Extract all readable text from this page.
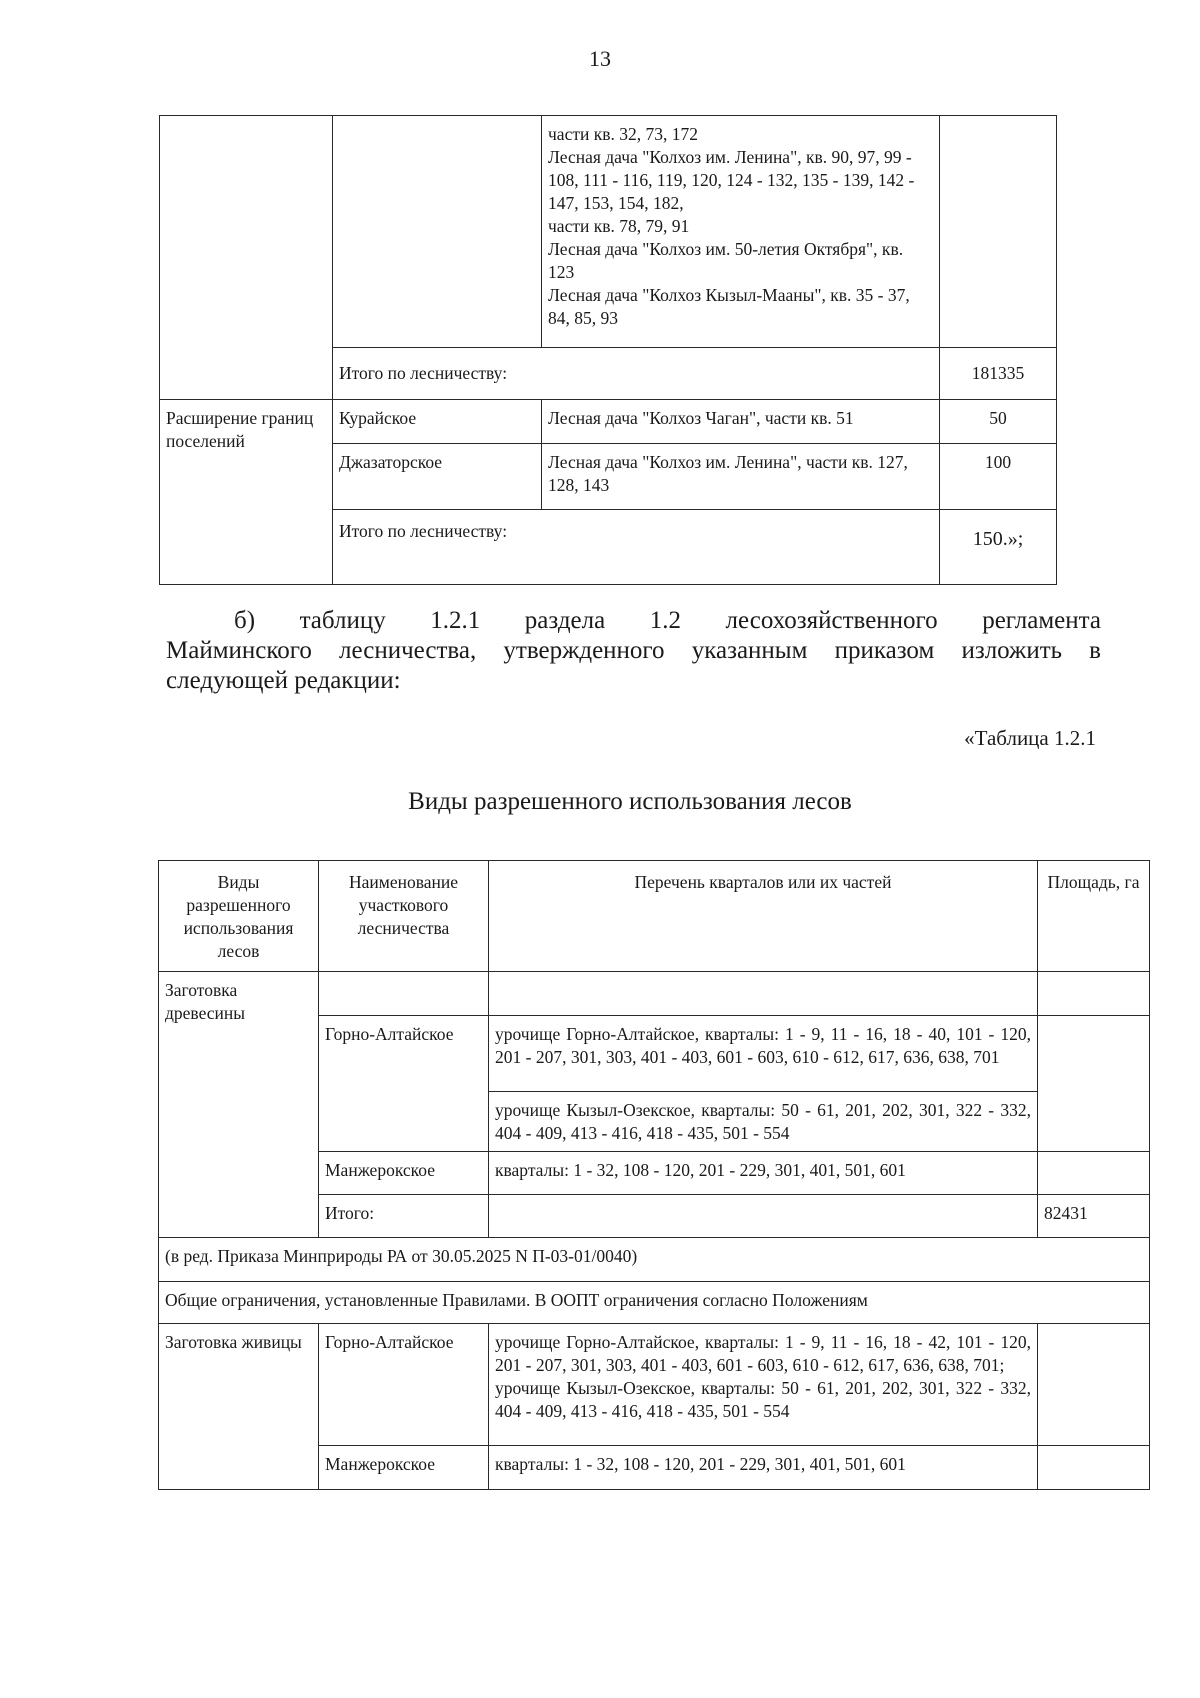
13
		части кв. 32, 73, 172
Лесная дача "Колхоз им. Ленина", кв. 90, 97, 99 - 108, 111 - 116, 119, 120, 124 - 132, 135 - 139, 142 - 147, 153, 154, 182,
части кв. 78, 79, 91
Лесная дача "Колхоз им. 50-летия Октября", кв. 123
Лесная дача "Колхоз Кызыл-Мааны", кв. 35 - 37, 84, 85, 93	
	Итого по лесничеству:		181335
Расширение границ поселений	Курайское	Лесная дача "Колхоз Чаган", части кв. 51	50
	Джазаторское	Лесная дача "Колхоз им. Ленина", части кв. 127, 128, 143	100
	Итого по лесничеству:		150.»;
б) таблицу 1.2.1 раздела 1.2 лесохозяйственного регламента
Майминского лесничества, утвержденного указанным приказом изложить в следующей редакции:
«Таблица 1.2.1
Виды разрешенного использования лесов
Виды разрешенного использования лесов	Наименование участкового лесничества	Перечень кварталов или их частей	Площадь, га
Заготовка древесины			
	Горно-Алтайское	урочище Горно-Алтайское, кварталы: 1 - 9, 11 - 16, 18 - 40, 101 - 120, 201 - 207, 301, 303, 401 - 403, 601 - 603, 610 - 612, 617, 636, 638, 701	
		урочище Кызыл-Озекское, кварталы: 50 - 61, 201, 202, 301, 322 - 332, 404 - 409, 413 - 416, 418 - 435, 501 - 554	
	Манжерокское	кварталы: 1 - 32, 108 - 120, 201 - 229, 301, 401, 501, 601	
	Итого:		82431
(в ред. Приказа Минприроды РА от 30.05.2025 N П-03-01/0040)			
Общие ограничения, установленные Правилами. В ООПТ ограничения согласно Положениям			
Заготовка живицы	Горно-Алтайское	урочище Горно-Алтайское, кварталы: 1 - 9, 11 - 16, 18 - 42, 101 - 120, 201 - 207, 301, 303, 401 - 403, 601 - 603, 610 - 612, 617, 636, 638, 701;
урочище Кызыл-Озекское, кварталы: 50 - 61, 201, 202, 301, 322 - 332, 404 - 409, 413 - 416, 418 - 435, 501 - 554	
	Манжерокское	кварталы: 1 - 32, 108 - 120, 201 - 229, 301, 401, 501, 601	
